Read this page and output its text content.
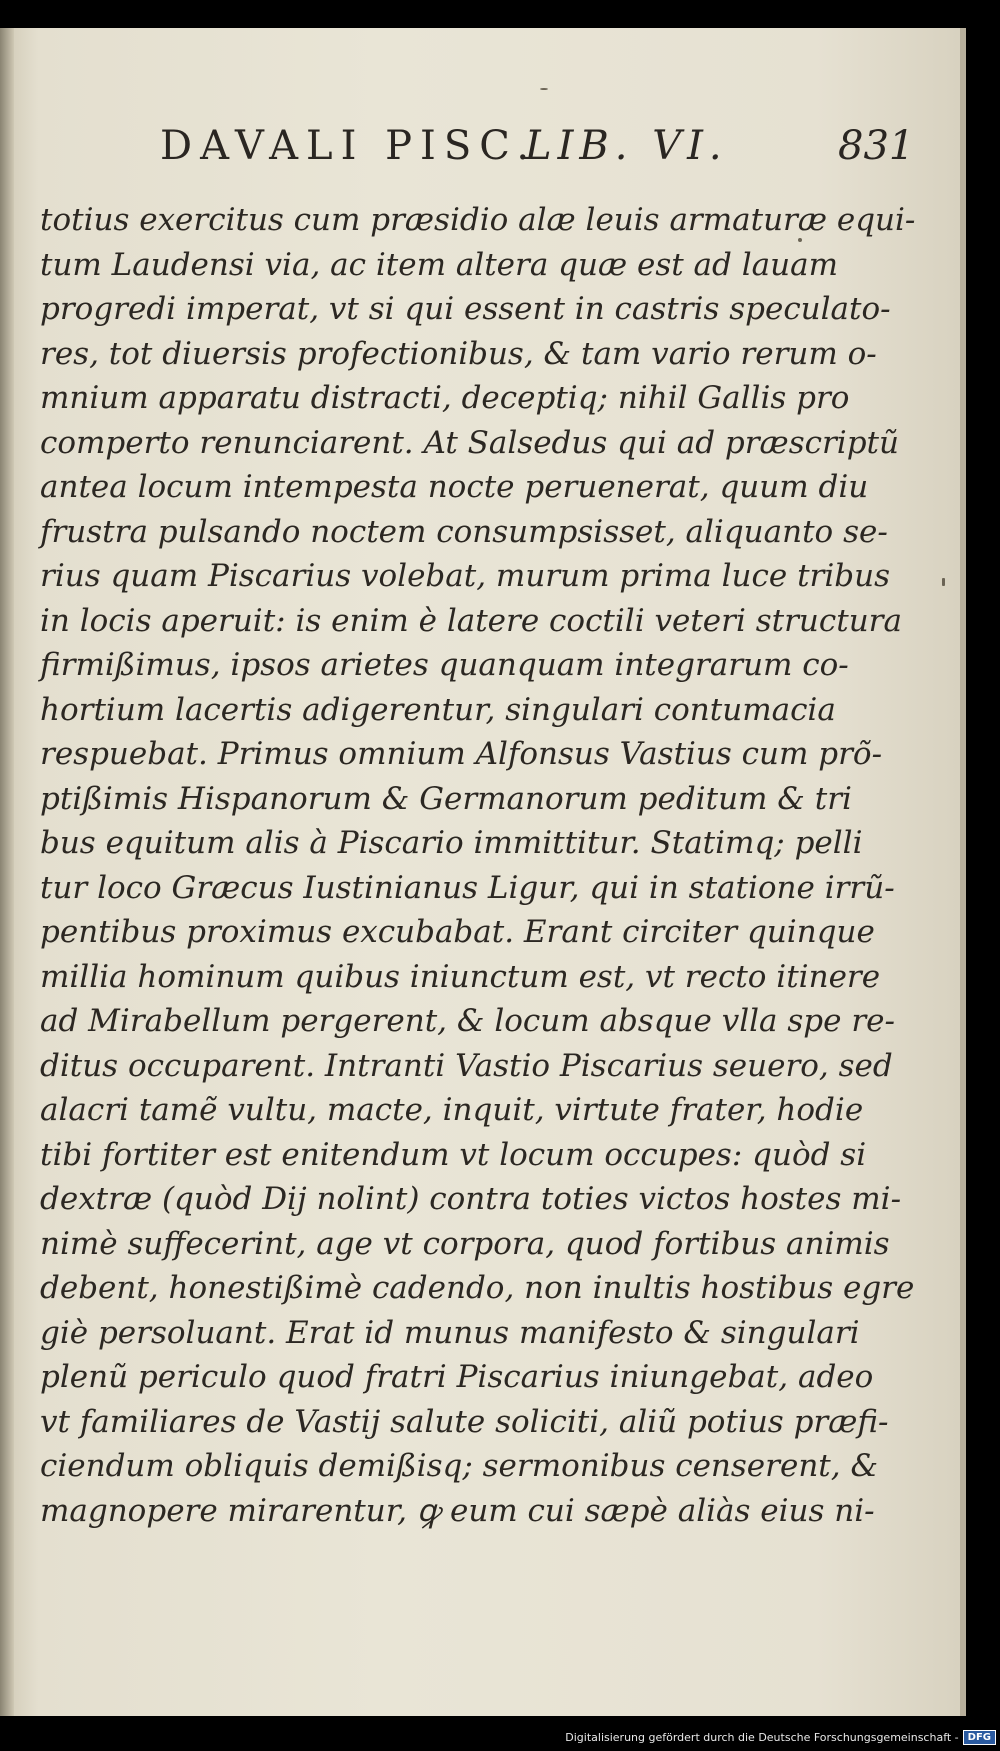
DAVALI PISC.
LIB. VI.	831
totius exercitus cum præsidio alæ leuis armaturæ equi-
tum Laudensi via, ac item altera quæ est ad lauam
progredi imperat, vt si qui essent in castris speculato-
res, tot diuersis profectionibus, & tam vario rerum o-
mnium apparatu distracti, deceptiq; nihil Gallis pro
comperto renunciarent. At Salsedus qui ad præscriptũ
antea locum intempesta nocte peruenerat, quum diu
frustra pulsando noctem consumpsisset, aliquanto se-
rius quam Piscarius volebat, murum prima luce tribus
in locis aperuit: is enim è latere coctili veteri structura
firmißimus, ipsos arietes quanquam integrarum co-
hortium lacertis adigerentur, singulari contumacia
respuebat. Primus omnium Alfonsus Vastius cum prõ-
ptißimis Hispanorum & Germanorum peditum & tri
bus equitum alis à Piscario immittitur. Statimq; pelli
tur loco Græcus Iustinianus Ligur, qui in statione irrũ-
pentibus proximus excubabat. Erant circiter quinque
millia hominum quibus iniunctum est, vt recto itinere
ad Mirabellum pergerent, & locum absque vlla spe re-
ditus occuparent. Intranti Vastio Piscarius seuero, sed
alacri tamẽ vultu, macte, inquit, virtute frater, hodie
tibi fortiter est enitendum vt locum occupes: quòd si
dextræ (quòd Dij nolint) contra toties victos hostes mi-
nimè suffecerint, age vt corpora, quod fortibus animis
debent, honestißimè cadendo, non inultis hostibus egre
giè persoluant. Erat id munus manifesto & singulari
plenũ periculo quod fratri Piscarius iniungebat, adeo
vt familiares de Vastij salute soliciti, aliũ potius præfi-
ciendum obliquis demißisq; sermonibus censerent, &
magnopere mirarentur, ꝙ eum cui sæpè aliàs eius ni-
Digitalisierung gefördert durch die Deutsche Forschungsgemeinschaft - DFG
